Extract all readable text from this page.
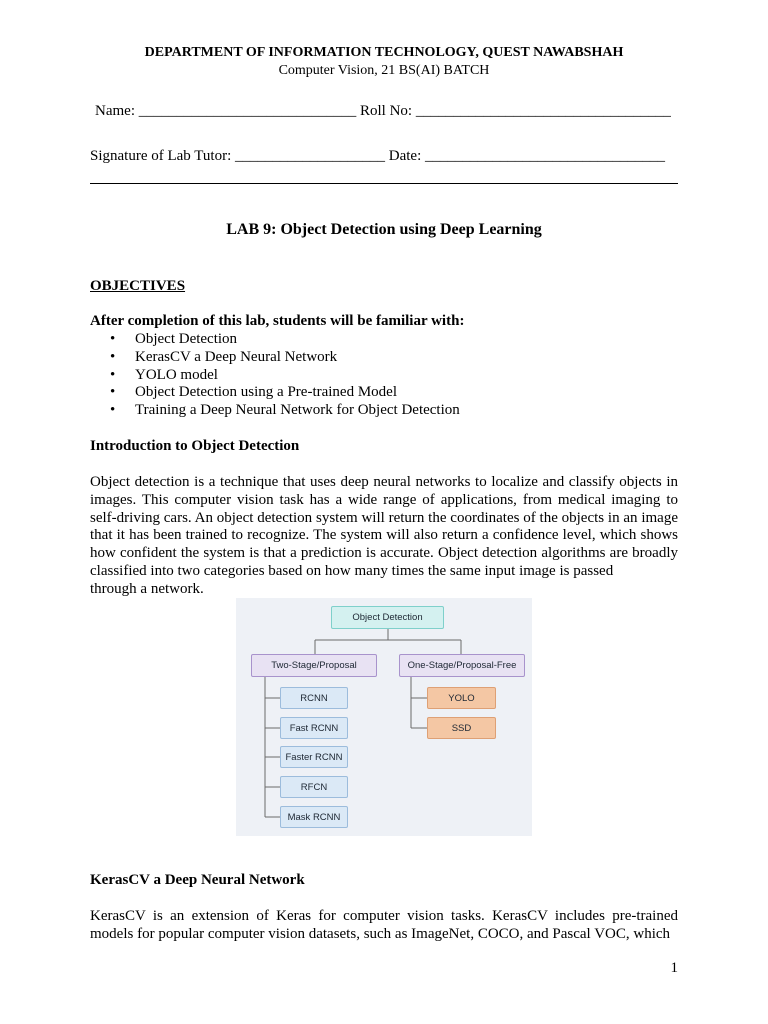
DEPARTMENT OF INFORMATION TECHNOLOGY, QUEST NAWABSHAH
Computer Vision, 21 BS(AI) BATCH
Name: _____________________________ Roll No: __________________________________
Signature of Lab Tutor: ____________________ Date: ________________________________
LAB 9: Object Detection using Deep Learning
OBJECTIVES
After completion of this lab, students will be familiar with:
• Object Detection
• KerasCV a Deep Neural Network
• YOLO model
• Object Detection using a Pre-trained Model
• Training a Deep Neural Network for Object Detection
Introduction to Object Detection

Object detection is a technique that uses deep neural networks to localize and classify objects in images. This computer vision task has a wide range of applications, from medical imaging to self-driving cars. An object detection system will return the coordinates of the objects in an image that it has been trained to recognize. The system will also return a confidence level, which shows how confident the system is that a prediction is accurate. Object detection algorithms are broadly classified into two categories based on how many times the same input image is passed

through a network.

Object Detection
Two-Stage/Proposal	One-Stage/Proposal-Free
RCNN
Fast RCNN
Faster RCNN
RFCN
Mask RCNN
YOLO
SSD
KerasCV a Deep Neural Network

KerasCV is an extension of Keras for computer vision tasks. KerasCV includes pre-trained models for popular computer vision datasets, such as ImageNet, COCO, and Pascal VOC, which

1
